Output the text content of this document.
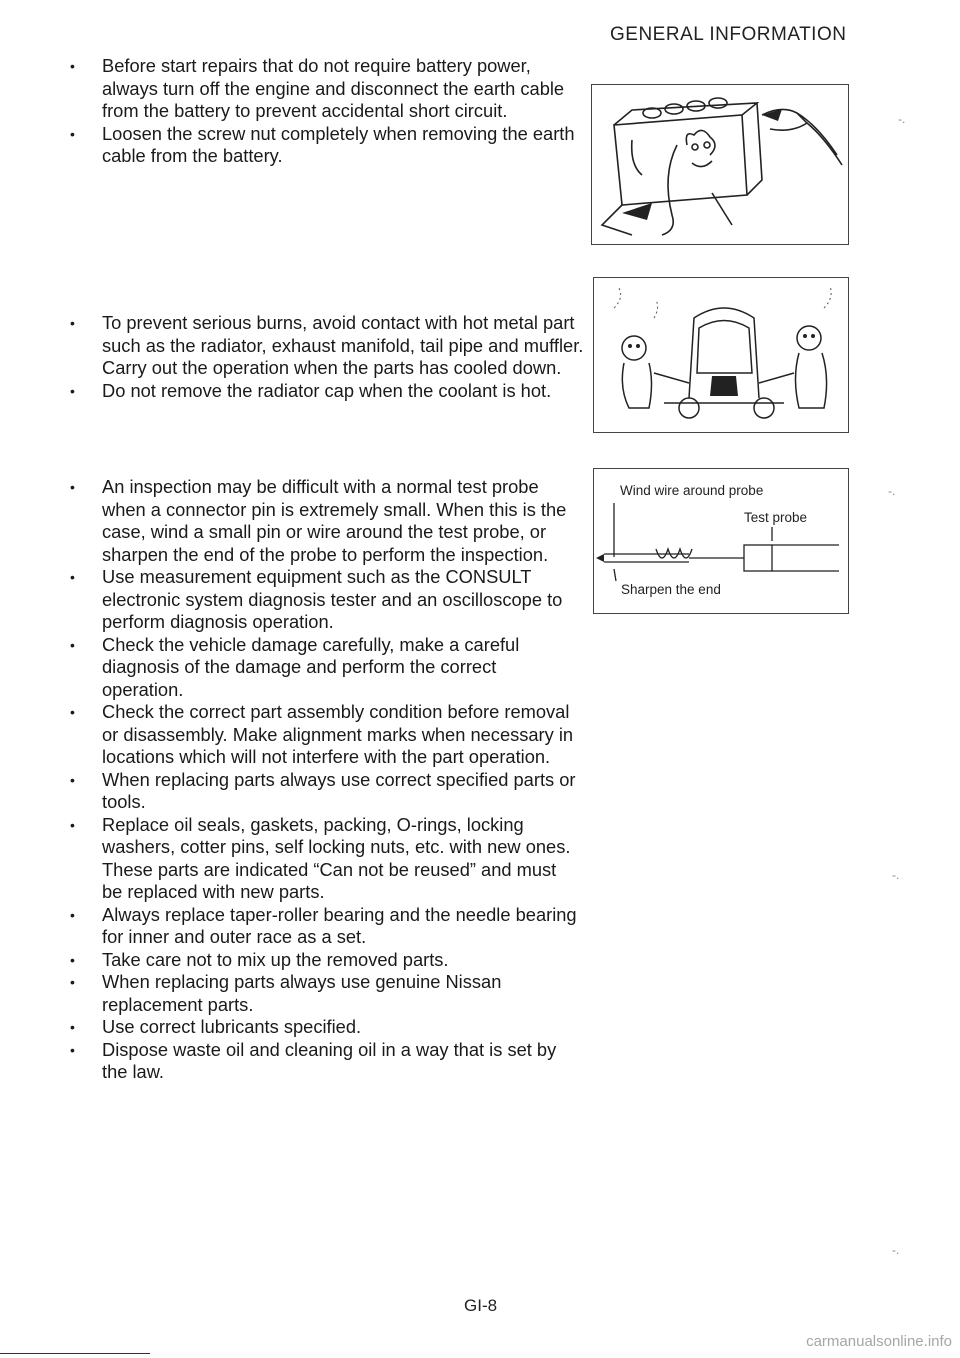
GENERAL INFORMATION
• Before start repairs that do not require battery power, always turn off the engine and disconnect the earth cable from the battery to prevent accidental short circuit.
• Loosen the screw nut completely when removing the earth cable from the battery.
• To prevent serious burns, avoid contact with hot metal part such as the radiator, exhaust manifold, tail pipe and muffler. Carry out the operation when the parts has cooled down.
• Do not remove the radiator cap when the coolant is hot.
• An inspection may be difficult with a normal test probe when a connector pin is extremely small. When this is the case, wind a small pin or wire around the test probe, or sharpen the end of the probe to perform the inspection.
• Use measurement equipment such as the CONSULT electronic system diagnosis tester and an oscilloscope to perform diagnosis operation.
• Check the vehicle damage carefully, make a careful diagnosis of the damage and perform the correct operation.
• Check the correct part assembly condition before removal or disassembly. Make alignment marks when necessary in locations which will not interfere with the part operation.
• When replacing parts always use correct specified parts or tools.
• Replace oil seals, gaskets, packing, O-rings, locking washers, cotter pins, self locking nuts, etc. with new ones. These parts are indicated “Can not be reused” and must be replaced with new parts.
• Always replace taper-roller bearing and the needle bearing for inner and outer race as a set.
• Take care not to mix up the removed parts.
• When replacing parts always use genuine Nissan replacement parts.
• Use correct lubricants specified.
• Dispose waste oil and cleaning oil in a way that is set by the law.
Wind wire around probe
Test probe
Sharpen the end
-.
-.
-.
-.
GI-8
carmanualsonline.info
